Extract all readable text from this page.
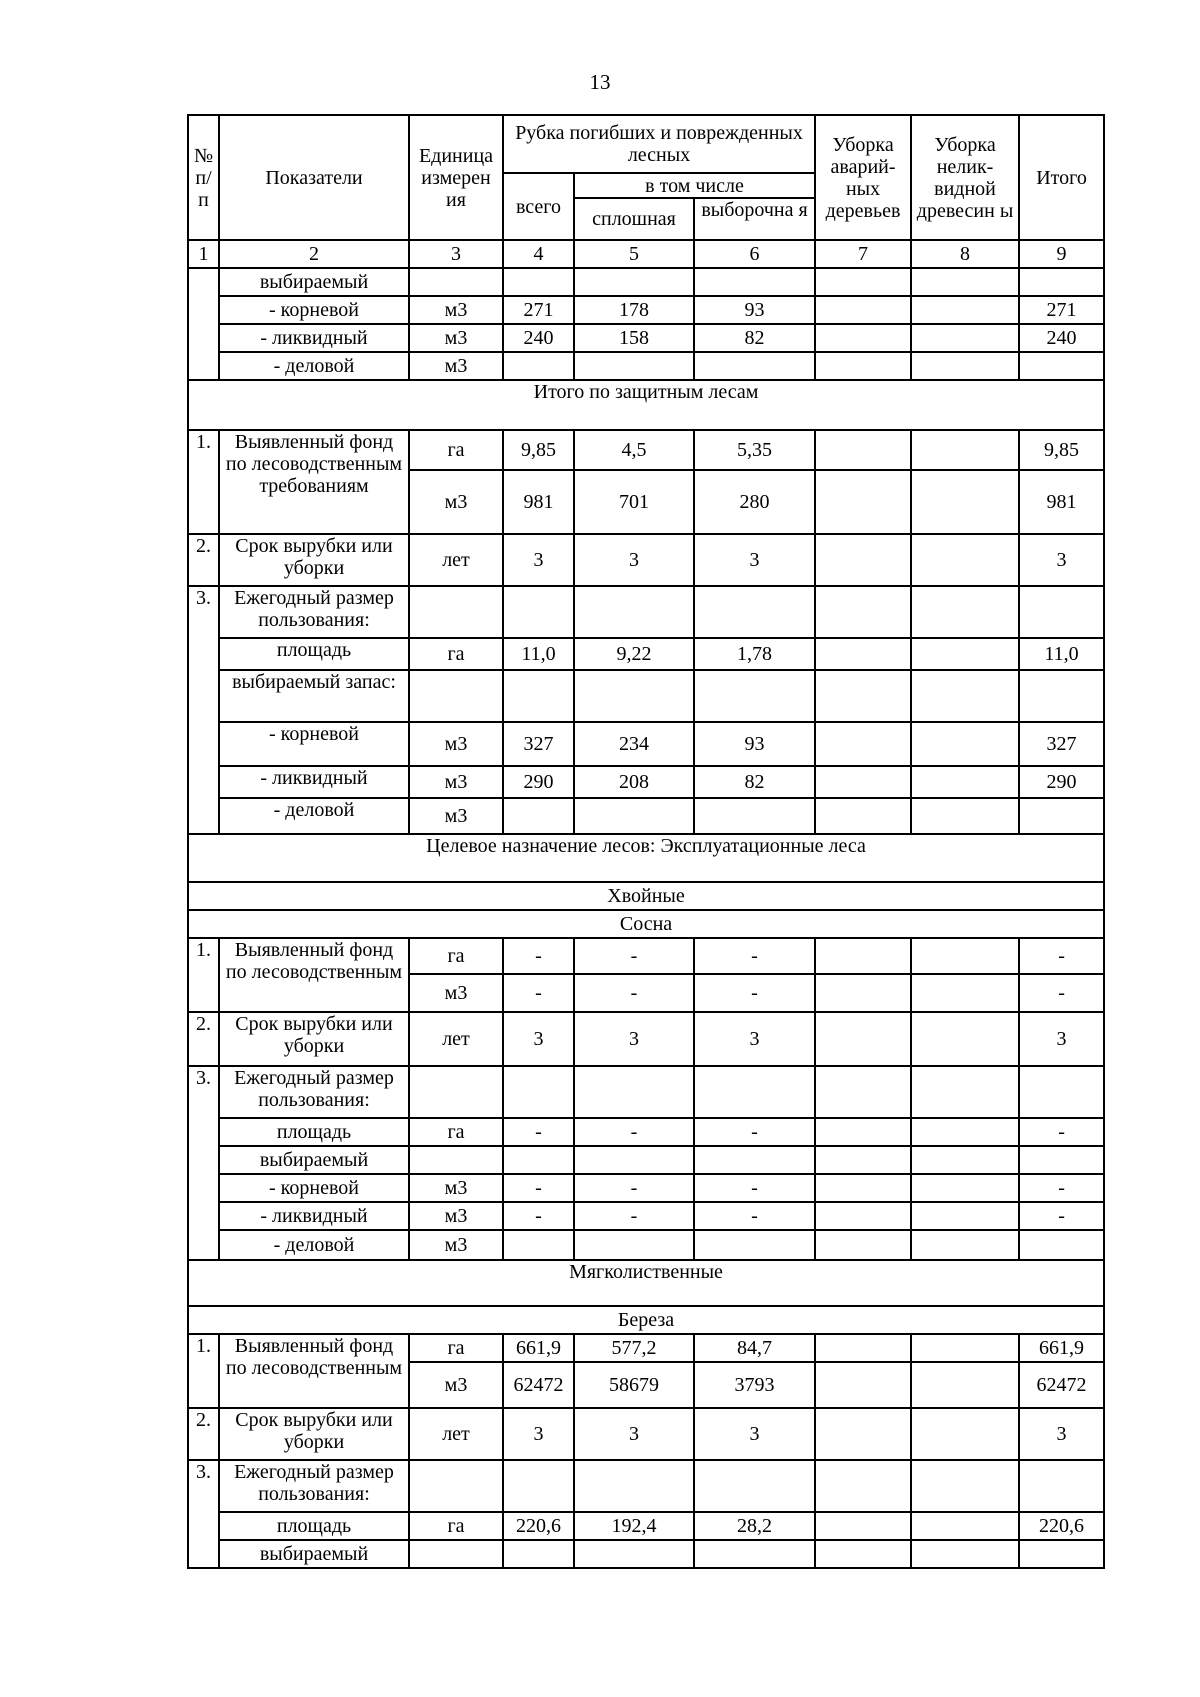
13
№ п/ п	Показатели	Единица измерен ия	Рубка погибших и поврежденных лесных			Уборка аварий- ных деревьев	Уборка нелик- видной древесин ы	Итого
			всего	в том числе				
				сплошная	выборочна я			

1	2	3	4	5	6	7	8	9
	выбираемый							
	- корневой	м3	271	178	93			271
	- ликвидный	м3	240	158	82			240
	- деловой	м3						
Итого по защитным лесам								
1.	Выявленный фонд по лесоводственным требованиям	га	9,85	4,5	5,35			9,85
		м3	981	701	280			981
2.	Срок вырубки или уборки	лет	3	3	3			3
3.	Ежегодный размер пользования:							
	площадь	га	11,0	9,22	1,78			11,0
	выбираемый запас:							
	- корневой	м3	327	234	93			327
	- ликвидный	м3	290	208	82			290
	- деловой	м3						
Целевое назначение лесов: Эксплуатационные леса								
Хвойные								
Сосна								
1.	Выявленный фонд по лесоводственным	га	-	-	-			-
		м3	-	-	-			-
2.	Срок вырубки или уборки	лет	3	3	3			3
3.	Ежегодный размер пользования:							
	площадь	га	-	-	-			-
	выбираемый							
	- корневой	м3	-	-	-			-
	- ликвидный	м3	-	-	-			-
	- деловой	м3						
Мягколиственные								
Береза								
1.	Выявленный фонд по лесоводственным	га	661,9	577,2	84,7			661,9
		м3	62472	58679	3793			62472
2.	Срок вырубки или уборки	лет	3	3	3			3
3.	Ежегодный размер пользования:							
	площадь	га	220,6	192,4	28,2			220,6
	выбираемый							
